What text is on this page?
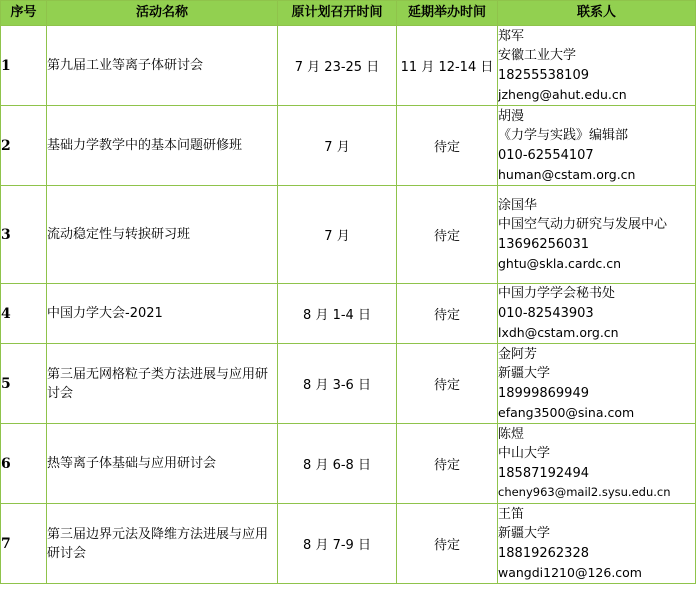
序号	活动名称	原计划召开时间	延期举办时间	联系人
1	第九届工业等离子体研讨会	7 月 23-25 日	11 月 12-14 日	郑军
安徽工业大学
18255538109
jzheng@ahut.edu.cn

2	基础力学教学中的基本问题研修班	7 月	待定	胡漫
《力学与实践》编辑部
010-62554107
human@cstam.org.cn

3	流动稳定性与转捩研习班	7 月	待定	涂国华
中国空气动力研究与发展中心
13696256031
ghtu@skla.cardc.cn

4	中国力学大会-2021	8 月 1-4 日	待定	中国力学学会秘书处
010-82543903
lxdh@cstam.org.cn

5	第三届无网格粒子类方法进展与应用研讨会	8 月 3-6 日	待定	金阿芳
新疆大学
18999869949
efang3500@sina.com

6	热等离子体基础与应用研讨会	8 月 6-8 日	待定	陈煜
中山大学
18587192494
cheny963@mail2.sysu.edu.cn

7	第三届边界元法及降维方法进展与应用研讨会	8 月 7-9 日	待定	王笛
新疆大学
18819262328
wangdi1210@126.com
